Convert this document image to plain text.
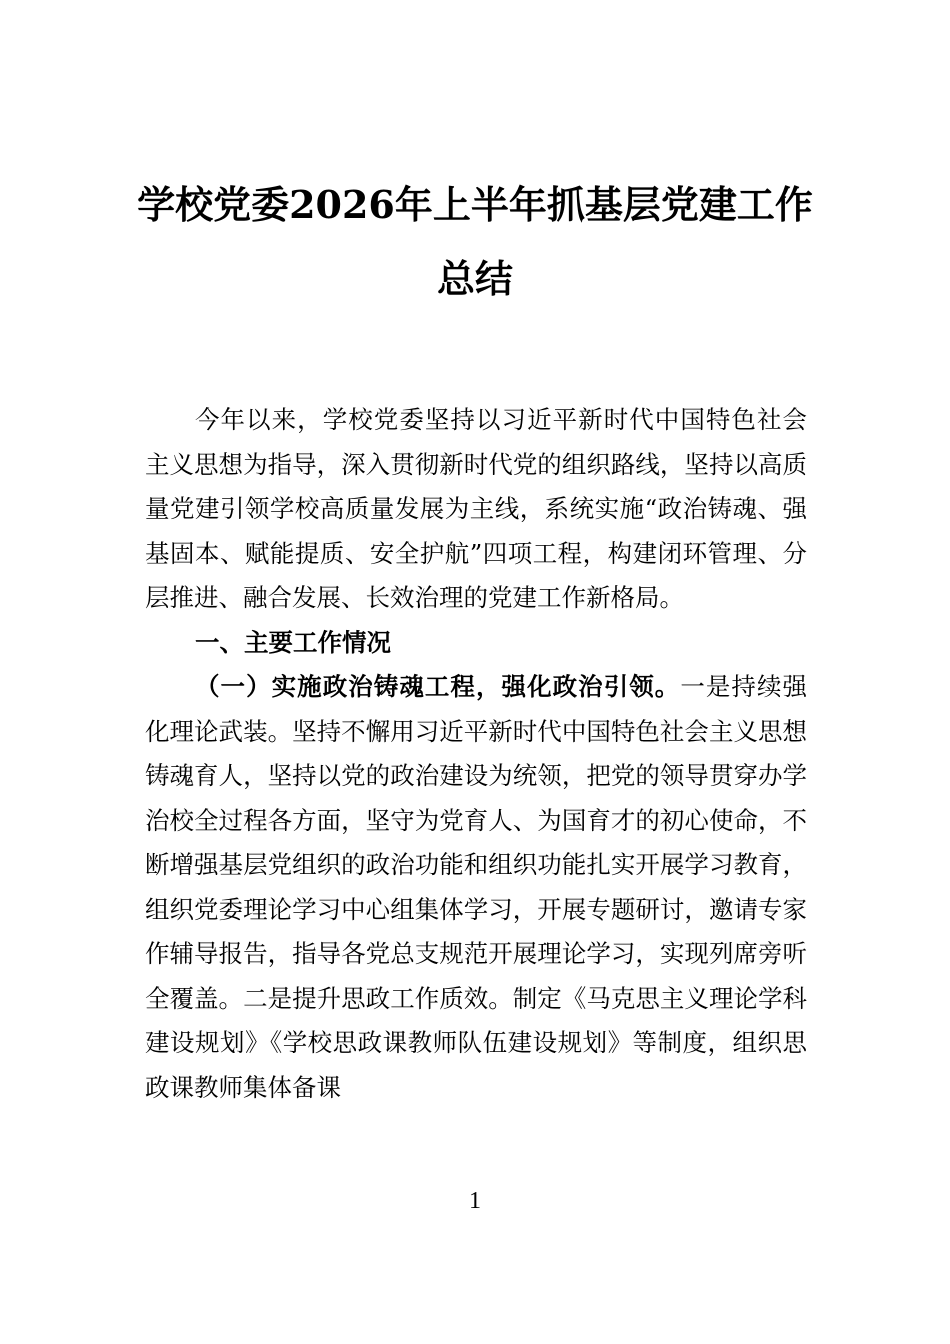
学校党委2026年上半年抓基层党建工作总结

今年以来，学校党委坚持以习近平新时代中国特色社会主义思想为指导，深入贯彻新时代党的组织路线，坚持以高质量党建引领学校高质量发展为主线，系统实施“政治铸魂、强基固本、赋能提质、安全护航”四项工程，构建闭环管理、分层推进、融合发展、长效治理的党建工作新格局。

一、主要工作情况

（一）实施政治铸魂工程，强化政治引领。一是持续强化理论武装。坚持不懈用习近平新时代中国特色社会主义思想铸魂育人，坚持以党的政治建设为统领，把党的领导贯穿办学治校全过程各方面，坚守为党育人、为国育才的初心使命，不断增强基层党组织的政治功能和组织功能扎实开展学习教育，组织党委理论学习中心组集体学习，开展专题研讨，邀请专家作辅导报告，指导各党总支规范开展理论学习，实现列席旁听全覆盖。二是提升思政工作质效。制定《马克思主义理论学科建设规划》《学校思政课教师队伍建设规划》等制度，组织思政课教师集体备课

1
